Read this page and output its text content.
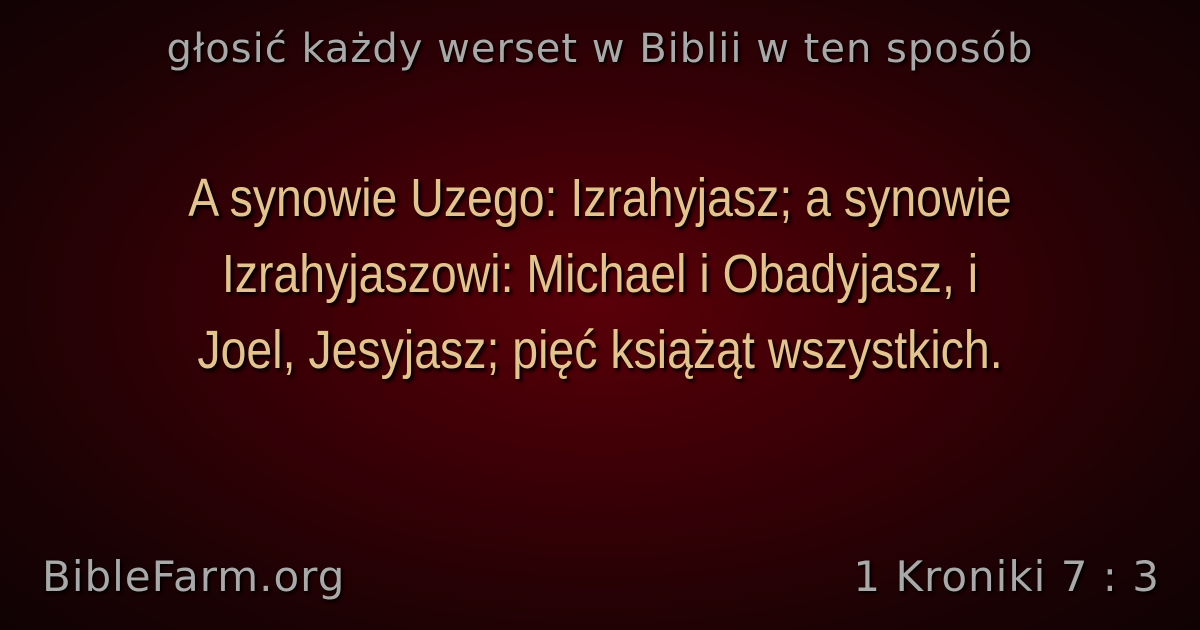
głosić każdy werset w Biblii w ten sposób
A synowie Uzego: Izrahyjasz; a synowie
Izrahyjaszowi: Michael i Obadyjasz, i
Joel, Jesyjasz; pięć książąt wszystkich.
BibleFarm.org	1 Kroniki 7 : 3
